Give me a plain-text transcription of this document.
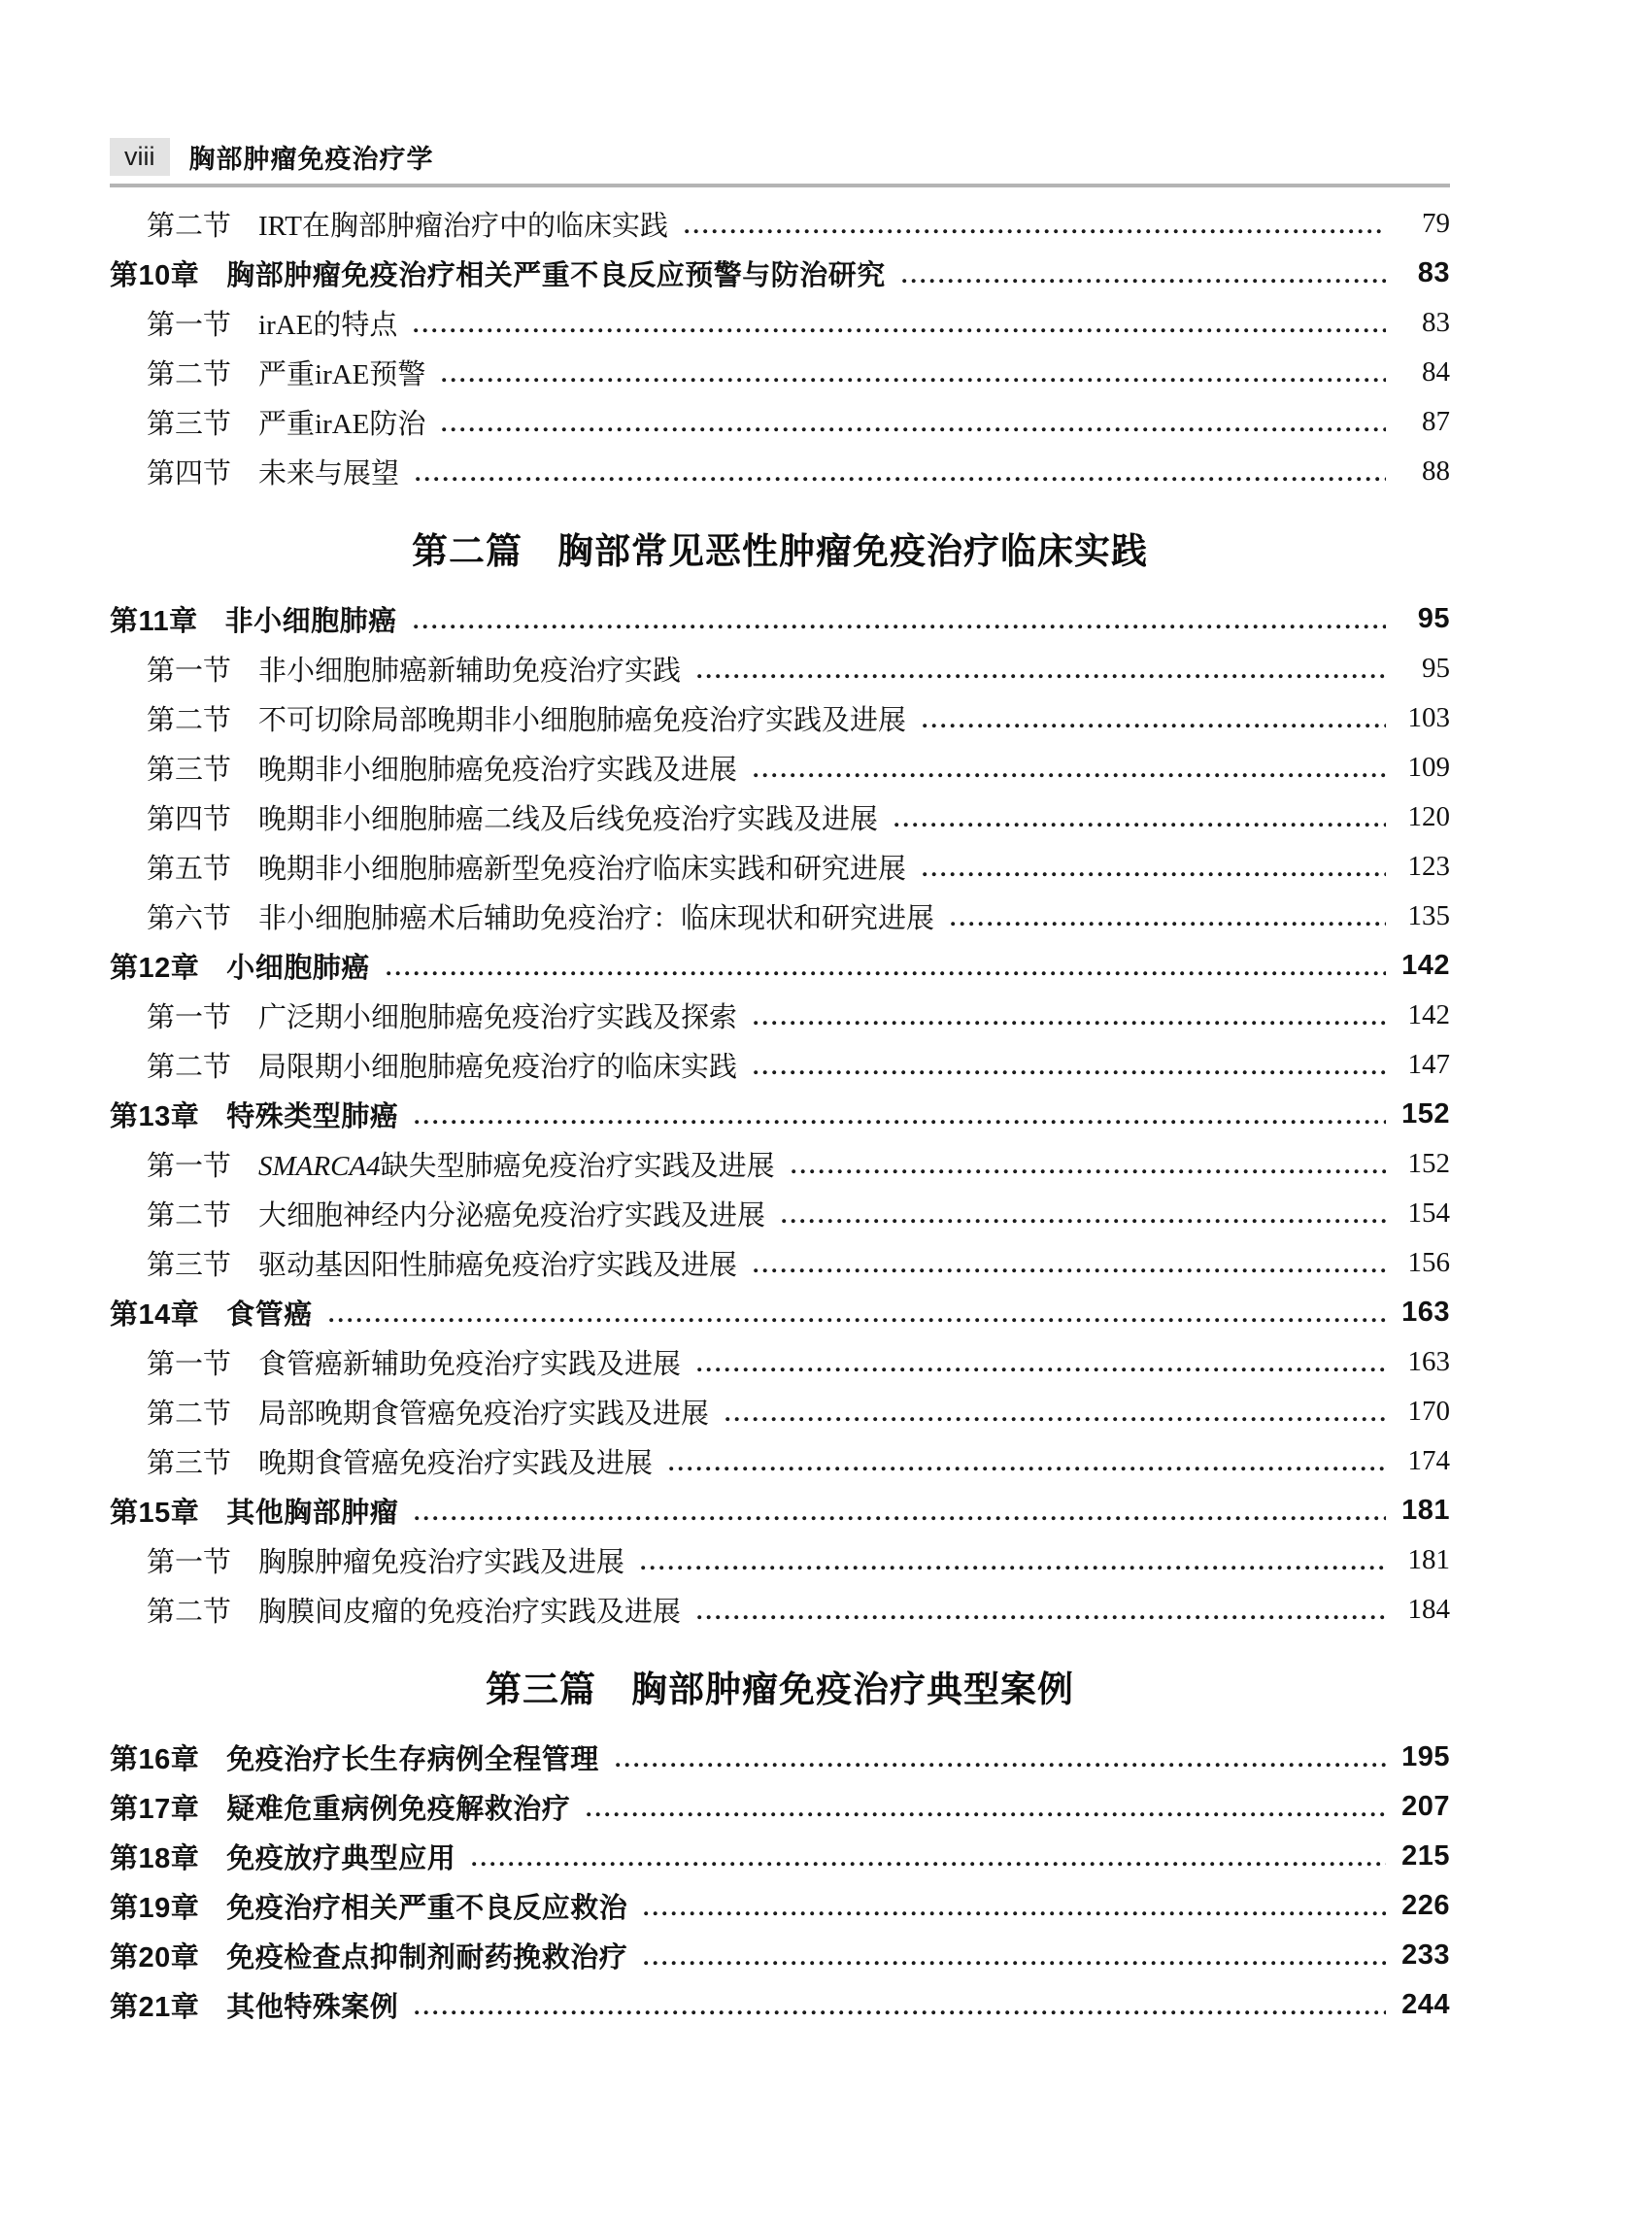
viii	胸部肿瘤免疫治疗学
第二节 IRT在胸部肿瘤治疗中的临床实践	79
第10章 胸部肿瘤免疫治疗相关严重不良反应预警与防治研究	83
第一节 irAE的特点	83
第二节 严重irAE预警	84
第三节 严重irAE防治	87
第四节 未来与展望	88
第二篇 胸部常见恶性肿瘤免疫治疗临床实践
第11章 非小细胞肺癌	95
第一节 非小细胞肺癌新辅助免疫治疗实践	95
第二节 不可切除局部晚期非小细胞肺癌免疫治疗实践及进展	103
第三节 晚期非小细胞肺癌免疫治疗实践及进展	109
第四节 晚期非小细胞肺癌二线及后线免疫治疗实践及进展	120
第五节 晚期非小细胞肺癌新型免疫治疗临床实践和研究进展	123
第六节 非小细胞肺癌术后辅助免疫治疗：临床现状和研究进展	135
第12章 小细胞肺癌	142
第一节 广泛期小细胞肺癌免疫治疗实践及探索	142
第二节 局限期小细胞肺癌免疫治疗的临床实践	147
第13章 特殊类型肺癌	152
第一节 SMARCA4缺失型肺癌免疫治疗实践及进展	152
第二节 大细胞神经内分泌癌免疫治疗实践及进展	154
第三节 驱动基因阳性肺癌免疫治疗实践及进展	156
第14章 食管癌	163
第一节 食管癌新辅助免疫治疗实践及进展	163
第二节 局部晚期食管癌免疫治疗实践及进展	170
第三节 晚期食管癌免疫治疗实践及进展	174
第15章 其他胸部肿瘤	181
第一节 胸腺肿瘤免疫治疗实践及进展	181
第二节 胸膜间皮瘤的免疫治疗实践及进展	184
第三篇 胸部肿瘤免疫治疗典型案例
第16章 免疫治疗长生存病例全程管理	195
第17章 疑难危重病例免疫解救治疗	207
第18章 免疫放疗典型应用	215
第19章 免疫治疗相关严重不良反应救治	226
第20章 免疫检查点抑制剂耐药挽救治疗	233
第21章 其他特殊案例	244
